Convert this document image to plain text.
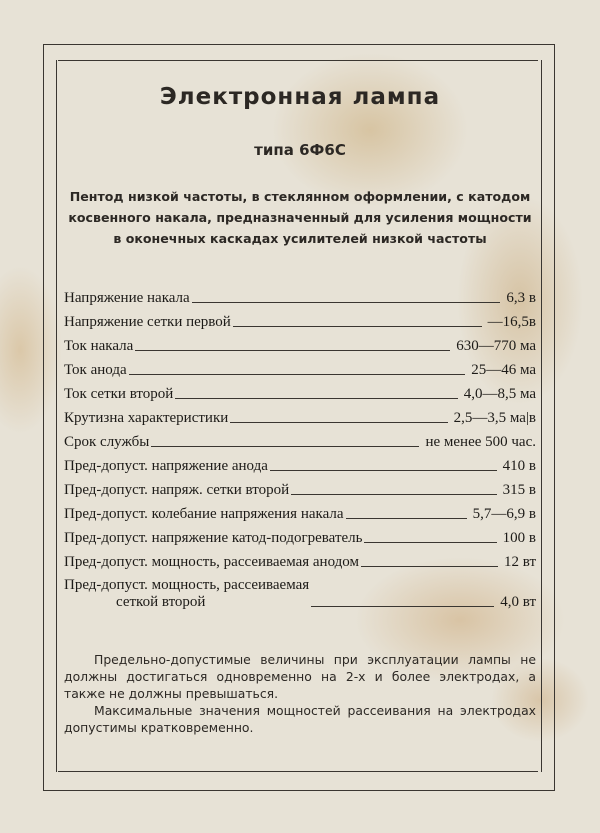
Электронная лампа
типа 6Ф6С
Пентод низкой частоты, в стеклянном оформлении, с катодом косвенного накала, предназначенный для усиления мощности в оконечных каскадах усилителей низкой частоты
Напряжение накала	6,3 в
Напряжение сетки первой	—16,5в
Ток накала	630—770 ма
Ток анода	25—46 ма
Ток сетки второй	4,0—8,5 ма
Крутизна характеристики	2,5—3,5 ма|в
Срок службы	не менее 500 час.
Пред-допуст. напряжение анода	410 в
Пред-допуст. напряж. сетки второй	315 в
Пред-допуст. колебание напряжения накала	5,7—6,9 в
Пред-допуст. напряжение катод-подогреватель	100 в
Пред-допуст. мощность, рассеиваемая анодом	12 вт
Пред-допуст. мощность, рассеиваемая
сеткой второй	4,0 вт

Предельно-допустимые величины при эксплуатации лампы не должны достигаться одновременно на 2-х и более электродах, а также не должны превышаться.

Максимальные значения мощностей рассеивания на электродах допустимы кратковременно.
